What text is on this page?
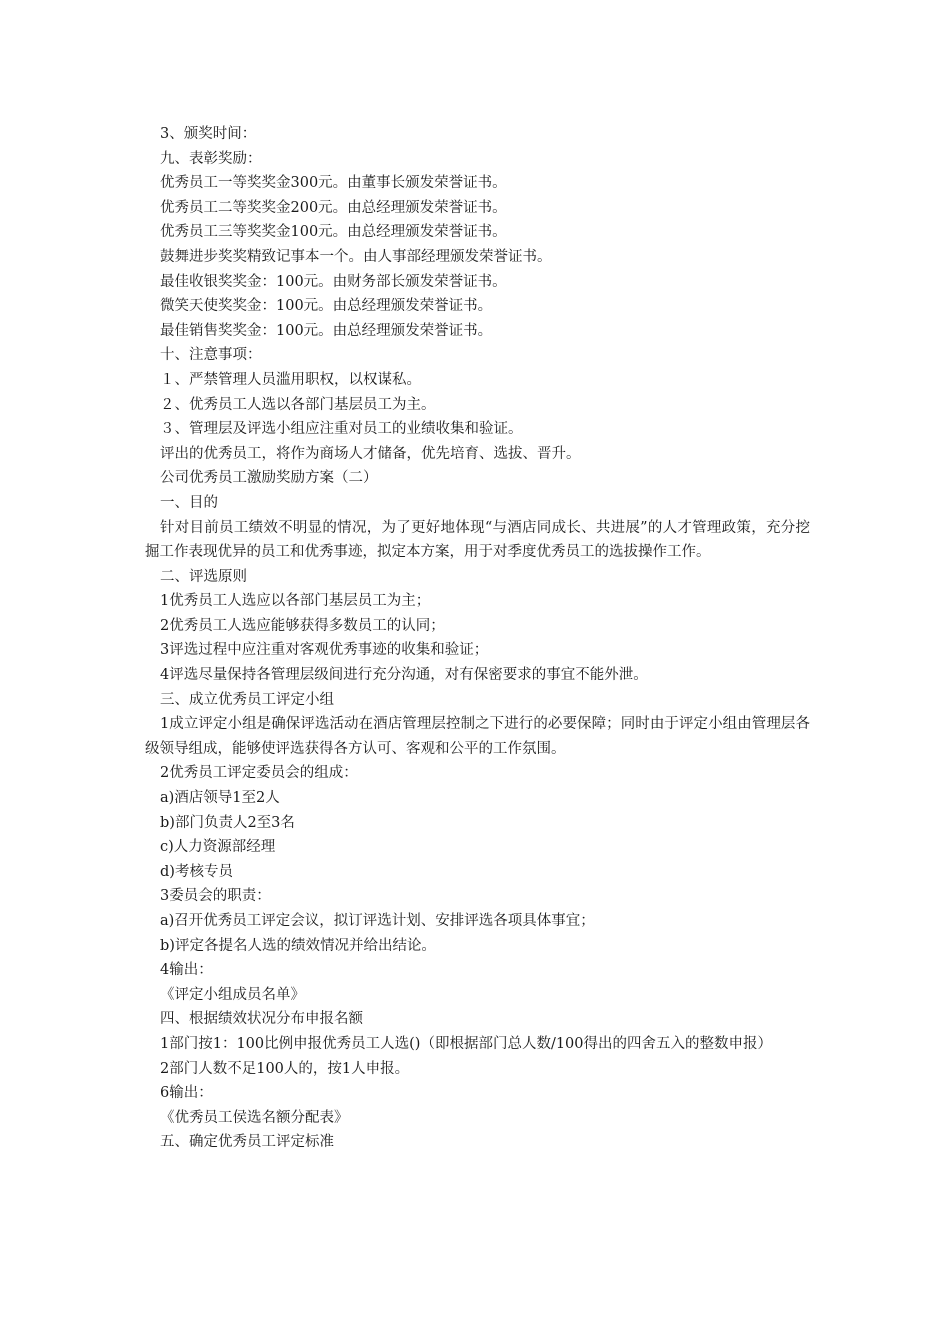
3、颁奖时间：
九、表彰奖励：
优秀员工一等奖奖金300元。由董事长颁发荣誉证书。
优秀员工二等奖奖金200元。由总经理颁发荣誉证书。
优秀员工三等奖奖金100元。由总经理颁发荣誉证书。
鼓舞进步奖奖精致记事本一个。由人事部经理颁发荣誉证书。
最佳收银奖奖金：100元。由财务部长颁发荣誉证书。
微笑天使奖奖金：100元。由总经理颁发荣誉证书。
最佳销售奖奖金：100元。由总经理颁发荣誉证书。
十、注意事项：
１、严禁管理人员滥用职权，以权谋私。
２、优秀员工人选以各部门基层员工为主。
３、管理层及评选小组应注重对员工的业绩收集和验证。
评出的优秀员工，将作为商场人才储备，优先培育、选拔、晋升。
公司优秀员工激励奖励方案（二）
一、目的
针对目前员工绩效不明显的情况，为了更好地体现“与酒店同成长、共进展”的人才管理政策，充分挖掘工作表现优异的员工和优秀事迹，拟定本方案，用于对季度优秀员工的选拔操作工作。
二、评选原则
1优秀员工人选应以各部门基层员工为主；
2优秀员工人选应能够获得多数员工的认同；
3评选过程中应注重对客观优秀事迹的收集和验证；
4评选尽量保持各管理层级间进行充分沟通，对有保密要求的事宜不能外泄。
三、成立优秀员工评定小组
1成立评定小组是确保评选活动在酒店管理层控制之下进行的必要保障；同时由于评定小组由管理层各级领导组成，能够使评选获得各方认可、客观和公平的工作氛围。
2优秀员工评定委员会的组成：
a)酒店领导1至2人
b)部门负责人2至3名
c)人力资源部经理
d)考核专员
3委员会的职责：
a)召开优秀员工评定会议，拟订评选计划、安排评选各项具体事宜；
b)评定各提名人选的绩效情况并给出结论。
4输出：
《评定小组成员名单》
四、根据绩效状况分布申报名额
1部门按1：100比例申报优秀员工人选()（即根据部门总人数/100得出的四舍五入的整数申报）
2部门人数不足100人的，按1人申报。
6输出：
《优秀员工侯选名额分配表》
五、确定优秀员工评定标准
